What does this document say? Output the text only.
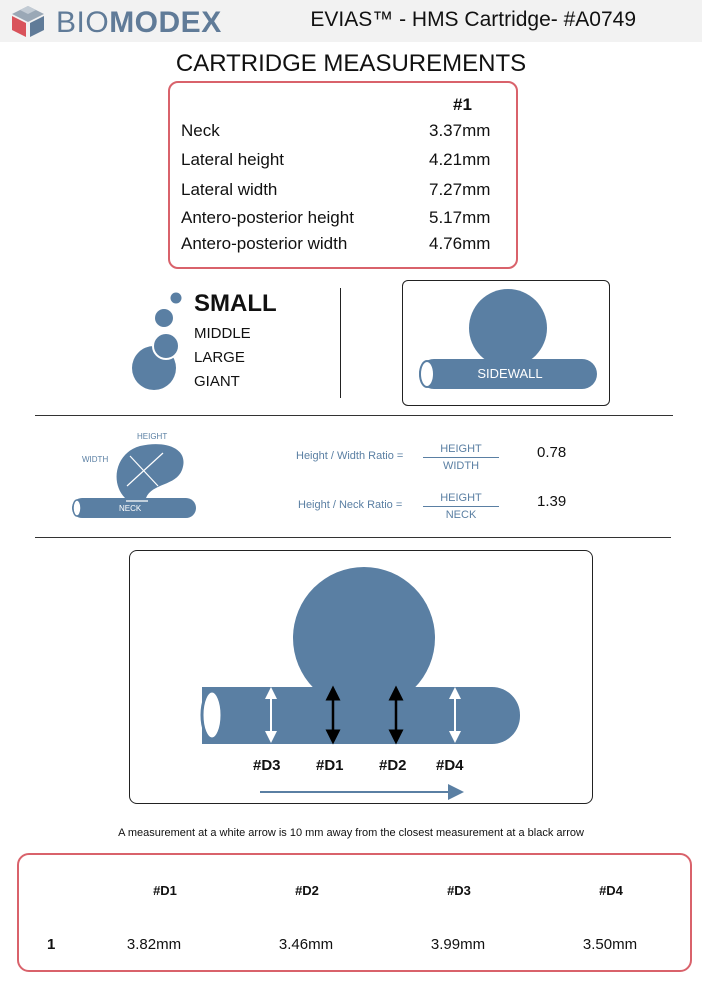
BIOMODEX	EVIAS™ - HMS Cartridge- #A0749
CARTRIDGE MEASUREMENTS
#1
Neck	3.37mm
Lateral height	4.21mm
Lateral width	7.27mm
Antero-posterior height	5.17mm
Antero-posterior width	4.76mm
SMALL
MIDDLE
LARGE
GIANT	SIDEWALL
HEIGHT
WIDTH
NECK
Height / Width Ratio =
HEIGHT
WIDTH
0.78
Height / Neck Ratio =
HEIGHT
NECK
1.39
#D3 #D1 #D2 #D4
A measurement at a white arrow is 10 mm away from the closest measurement at a black arrow
#D1	#D2	#D3	#D4
1	3.82mm	3.46mm	3.99mm	3.50mm
